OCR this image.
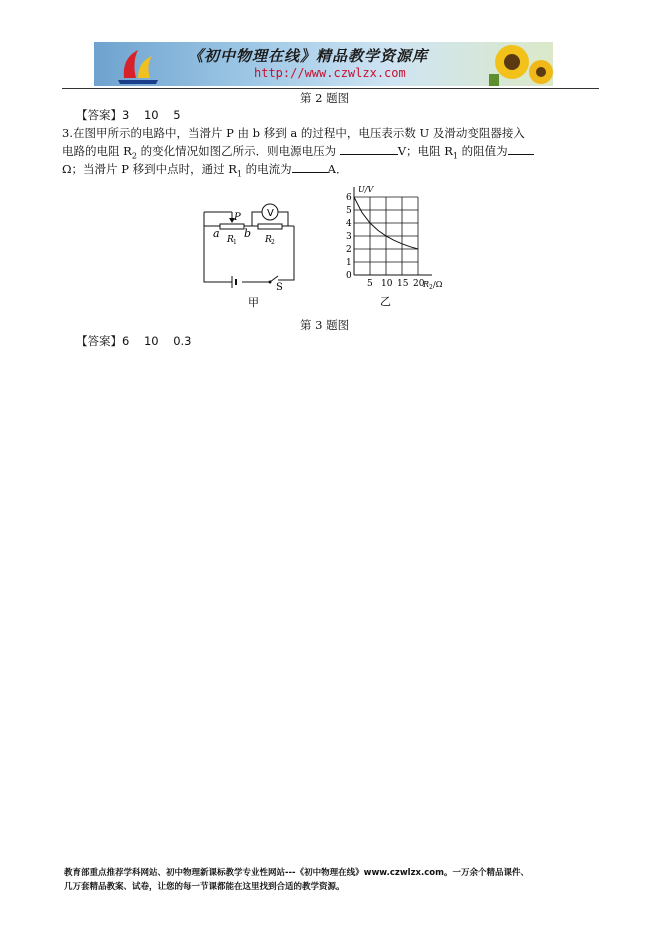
《初中物理在线》精品教学资源库
http://www.czwlzx.com
第 2 题图
【答案】3    10    5
3.在图甲所示的电路中，当滑片 P 由 b 移到 a 的过程中，电压表示数 U 及滑动变阻器接入
电路的电阻 $R_2$ 的变化情况如图乙所示．则电源电压为	V；电阻 $R_1$ 的阻值为
Ω；当滑片 P 移到中点时，通过 $R_1$ 的电流为	A．
V
P
a b
R 1	R 2
S
甲
1
2
3
4
5
6
0
5 10 15 20
U/V
R 2 /Ω
乙
第 3 题图
【答案】6    10    0.3
教育部重点推荐学科网站、初中物理新课标教学专业性网站---《初中物理在线》www.czwlzx.com。一万余个精品课件、
几万套精品教案、试卷，让您的每一节课都能在这里找到合适的教学资源。
